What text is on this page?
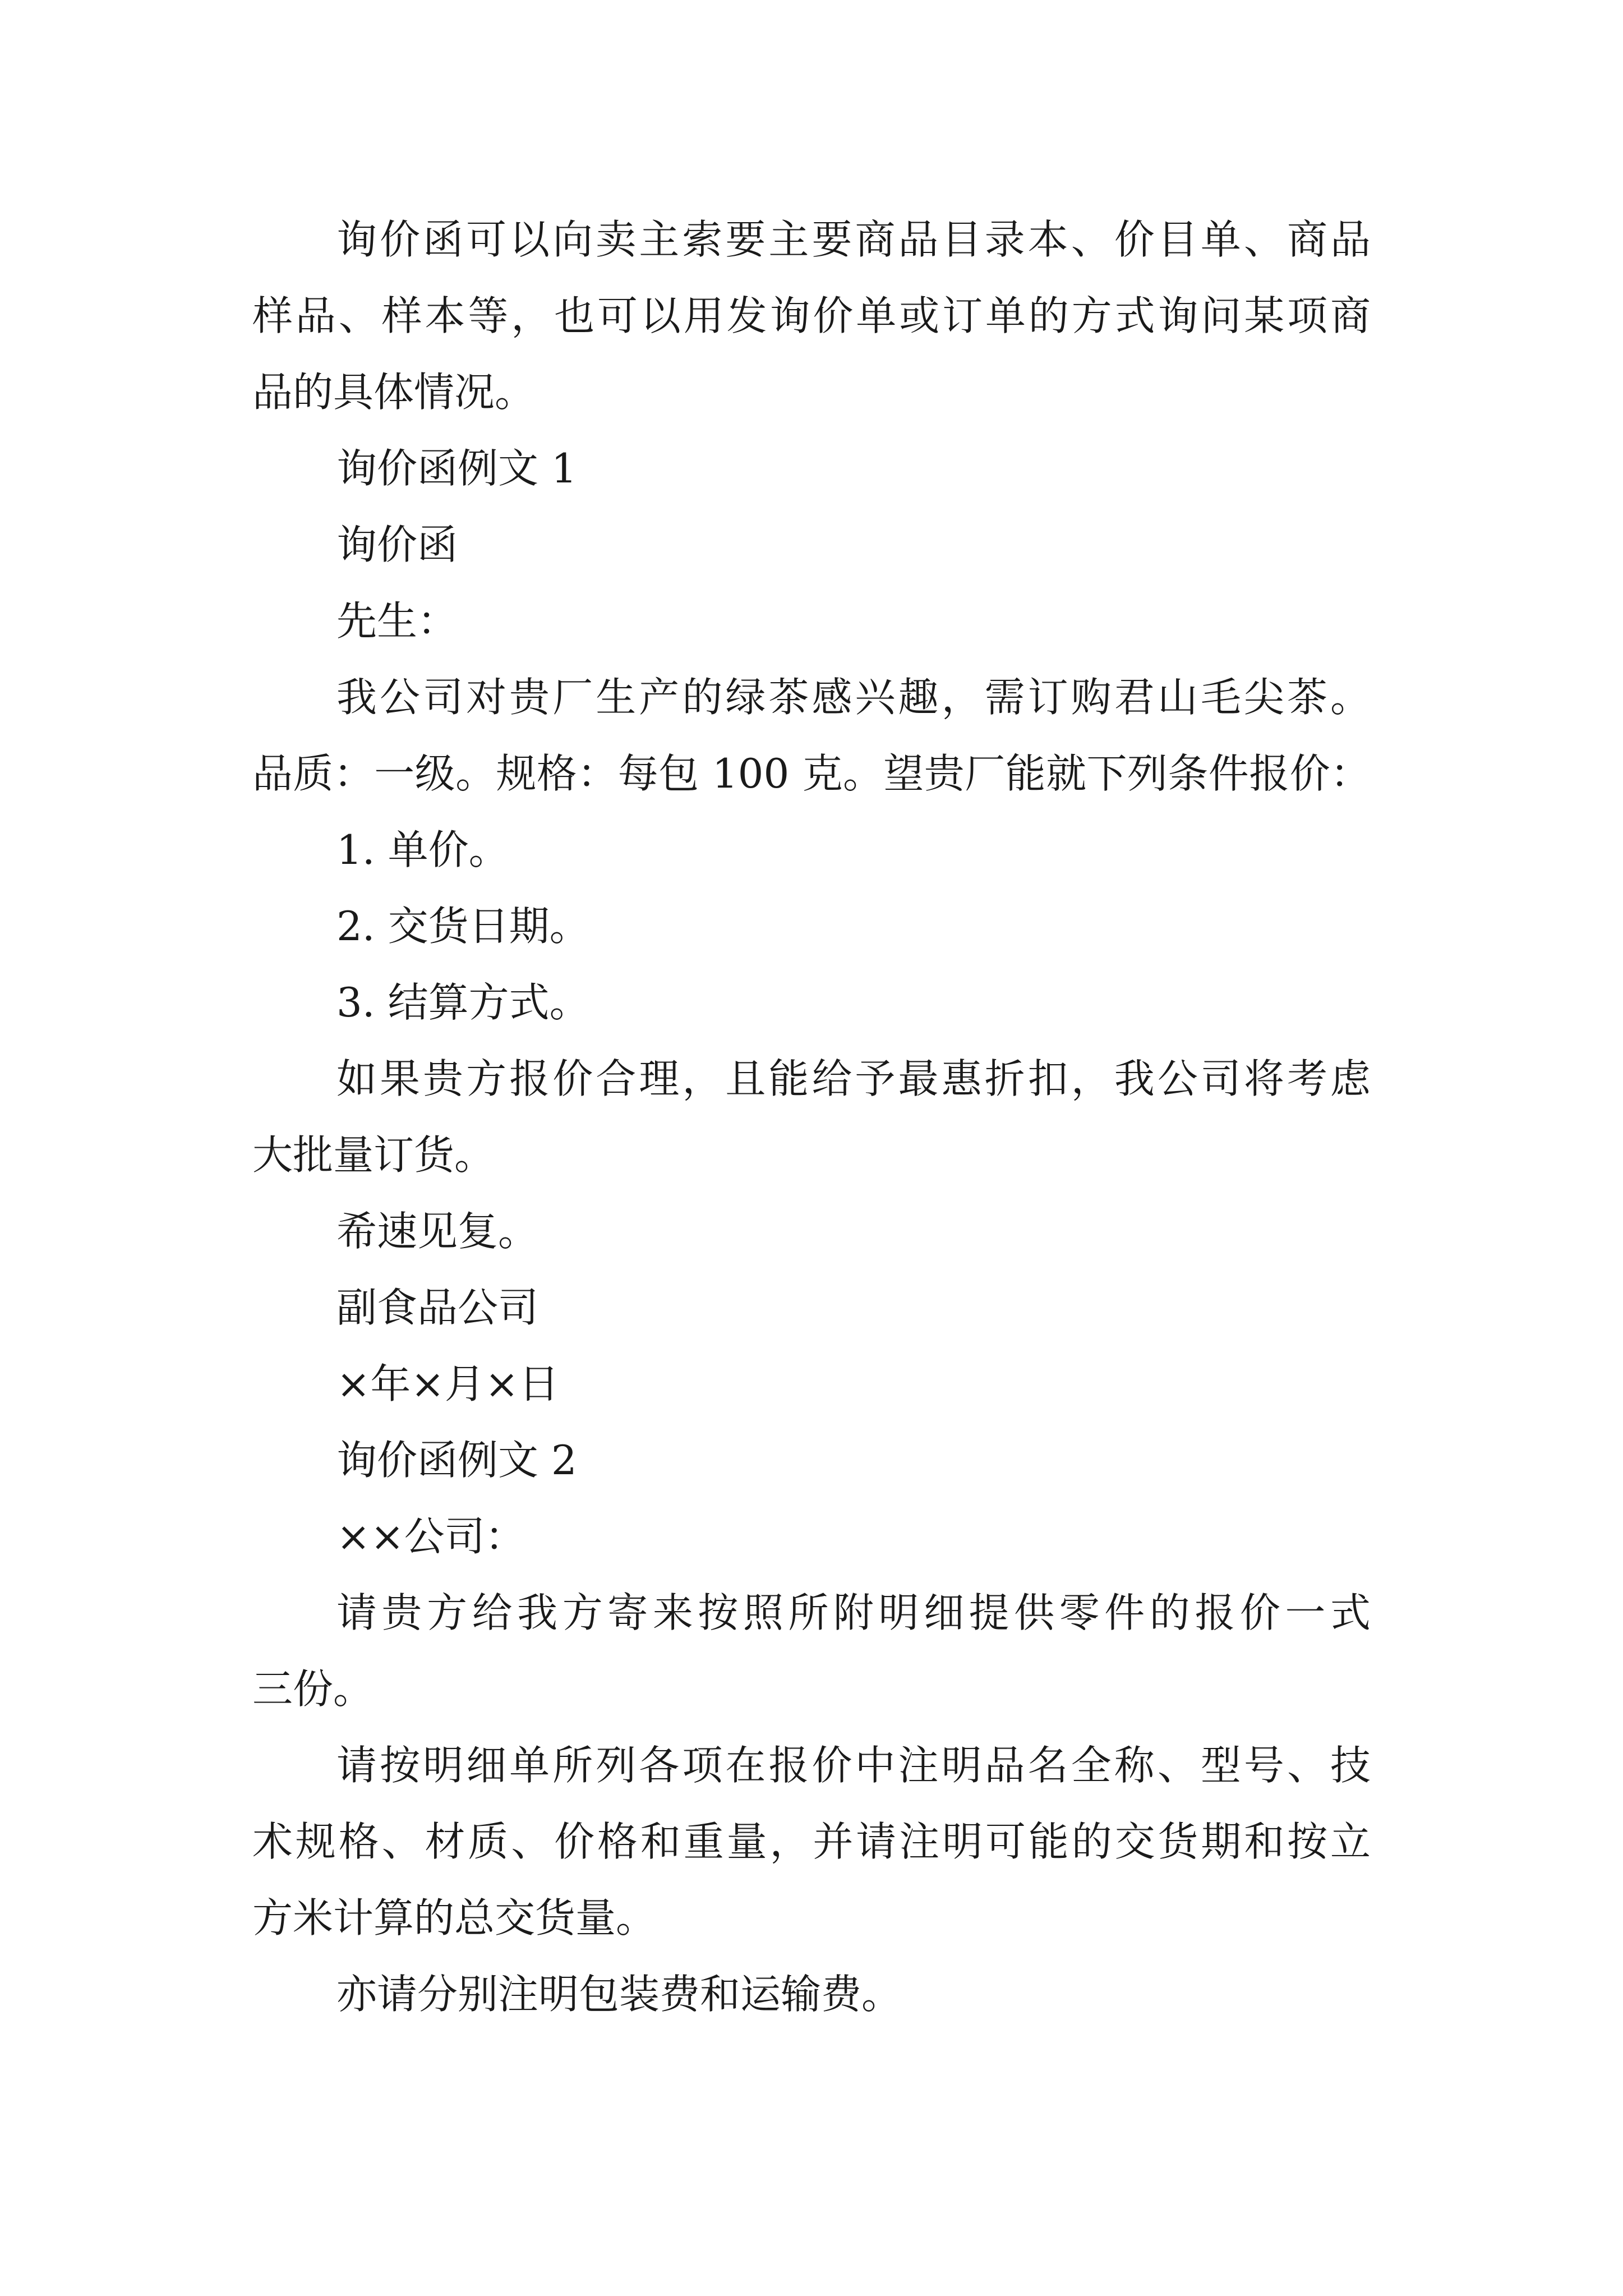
询价函可以向卖主索要主要商品目录本、价目单、商品
样品、样本等，也可以用发询价单或订单的方式询问某项商
品的具体情况。
询价函例文 1
询价函
先生：
我公司对贵厂生产的绿茶感兴趣，需订购君山毛尖茶。
品质：一级。规格：每包 100 克。望贵厂能就下列条件报价：
1. 单价。
2. 交货日期。
3. 结算方式。
如果贵方报价合理，且能给予最惠折扣，我公司将考虑
大批量订货。
希速见复。
副食品公司
×年×月×日
询价函例文 2
××公司：
请贵方给我方寄来按照所附明细提供零件的报价一式
三份。
请按明细单所列各项在报价中注明品名全称、型号、技
术规格、材质、价格和重量，并请注明可能的交货期和按立
方米计算的总交货量。
亦请分别注明包装费和运输费。
